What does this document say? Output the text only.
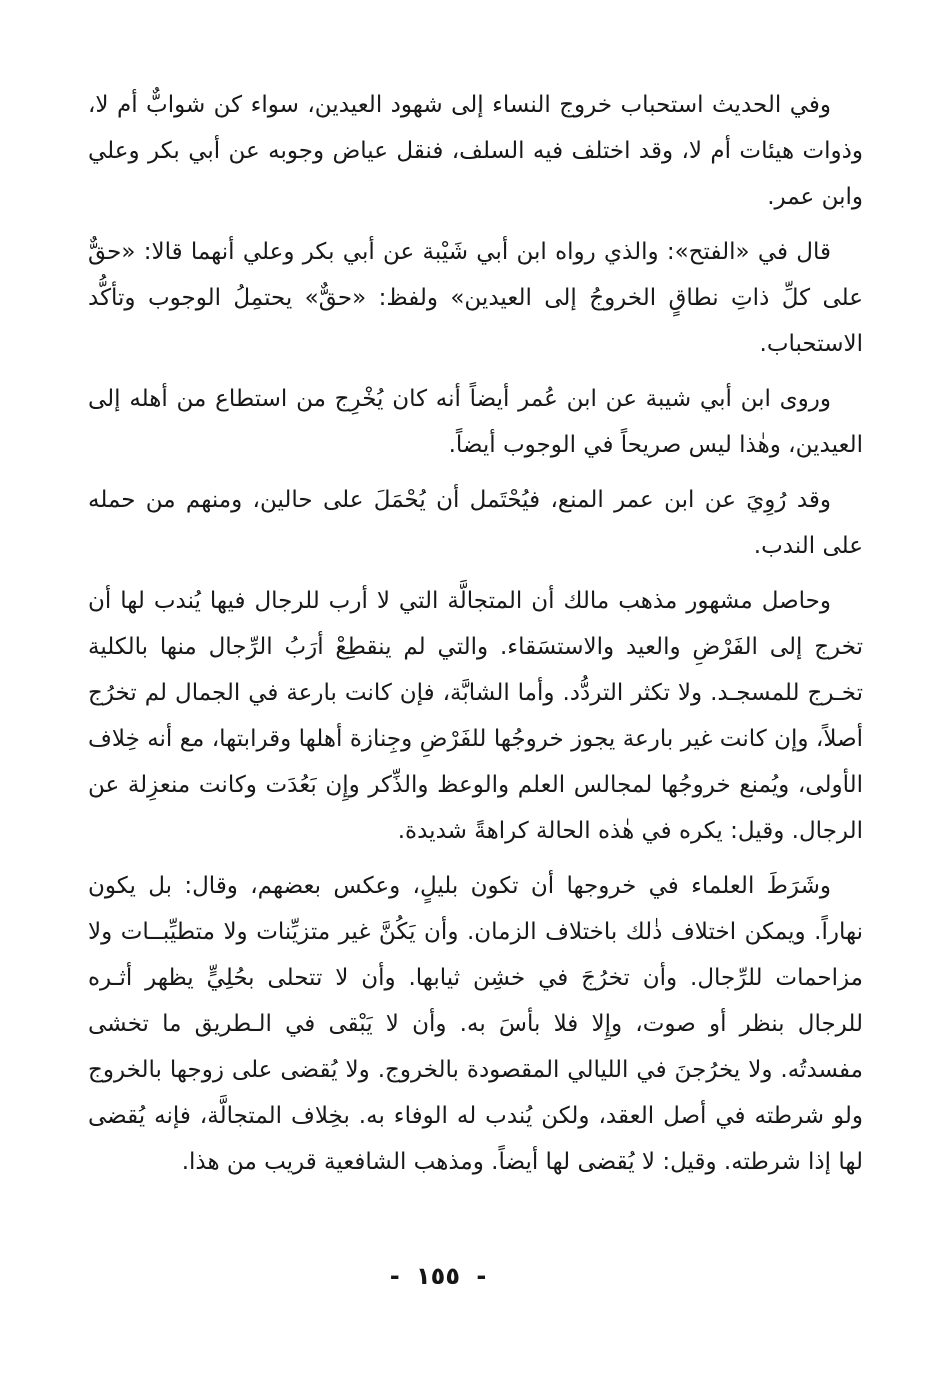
وفي الحديث استحباب خروج النساء إلى شهود العيدين، سواء كن شوابٌّ أم لا، وذوات هيئات أم لا، وقد اختلف فيه السلف، فنقل عياض وجوبه عن أبي بكر وعلي وابن عمر.

قال في «الفتح»: والذي رواه ابن أبي شَيْبة عن أبي بكر وعلي أنهما قالا: «حقٌّ على كلِّ ذاتِ نطاقٍ الخروجُ إلى العيدين» ولفظ: «حقٌّ» يحتمِلُ الوجوب وتأكُّد الاستحباب.

وروى ابن أبي شيبة عن ابن عُمر أيضاً أنه كان يُخْرِج من استطاع من أهله إلى العيدين، وهٰذا ليس صريحاً في الوجوب أيضاً.

وقد رُوِيَ عن ابن عمر المنع، فيُحْتَمل أن يُحْمَلَ على حالين، ومنهم من حمله على الندب.

وحاصل مشهور مذهب مالك أن المتجالَّة التي لا أرب للرجال فيها يُندب لها أن تخرج إلى الفَرْضِ والعيد والاستسَقاء. والتي لم ينقطِعْ أرَبُ الرِّجال منها بالكلية تخـرج للمسجـد. ولا تكثر التردُّد. وأما الشابَّة، فإن كانت بارعة في الجمال لم تخرُج أصلاً، وإن كانت غير بارعة يجوز خروجُها للفَرْضِ وجِنازة أهلها وقرابتها، مع أنه خِلاف الأولى، ويُمنع خروجُها لمجالس العلم والوعظ والذِّكر وإِن بَعُدَت وكانت منعزِلة عن الرجال. وقيل: يكره في هٰذه الحالة كراهةً شديدة.

وشَرَطَ العلماء في خروجها أن تكون بليلٍ، وعكس بعضهم، وقال: بل يكون نهاراً. ويمكن اختلاف ذٰلك باختلاف الزمان. وأن يَكُنَّ غير متزيِّنات ولا متطيِّبــات ولا مزاحمات للرِّجال. وأن تخرُجَ في خشِن ثيابها. وأن لا تتحلى بحُلِيٍّ يظهر أثـره للرجال بنظر أو صوت، وإِلا فلا بأسَ به. وأن لا يَبْقى في الـطريق ما تخشى مفسدتُه. ولا يخرُجنَ في الليالي المقصودة بالخروج. ولا يُقضى على زوجها بالخروج ولو شرطته في أصل العقد، ولكن يُندب له الوفاء به. بخِلاف المتجالَّة، فإنه يُقضى لها إذا شرطته. وقيل: لا يُقضى لها أيضاً. ومذهب الشافعية قريب من هذا.

- ١٥٥ -
